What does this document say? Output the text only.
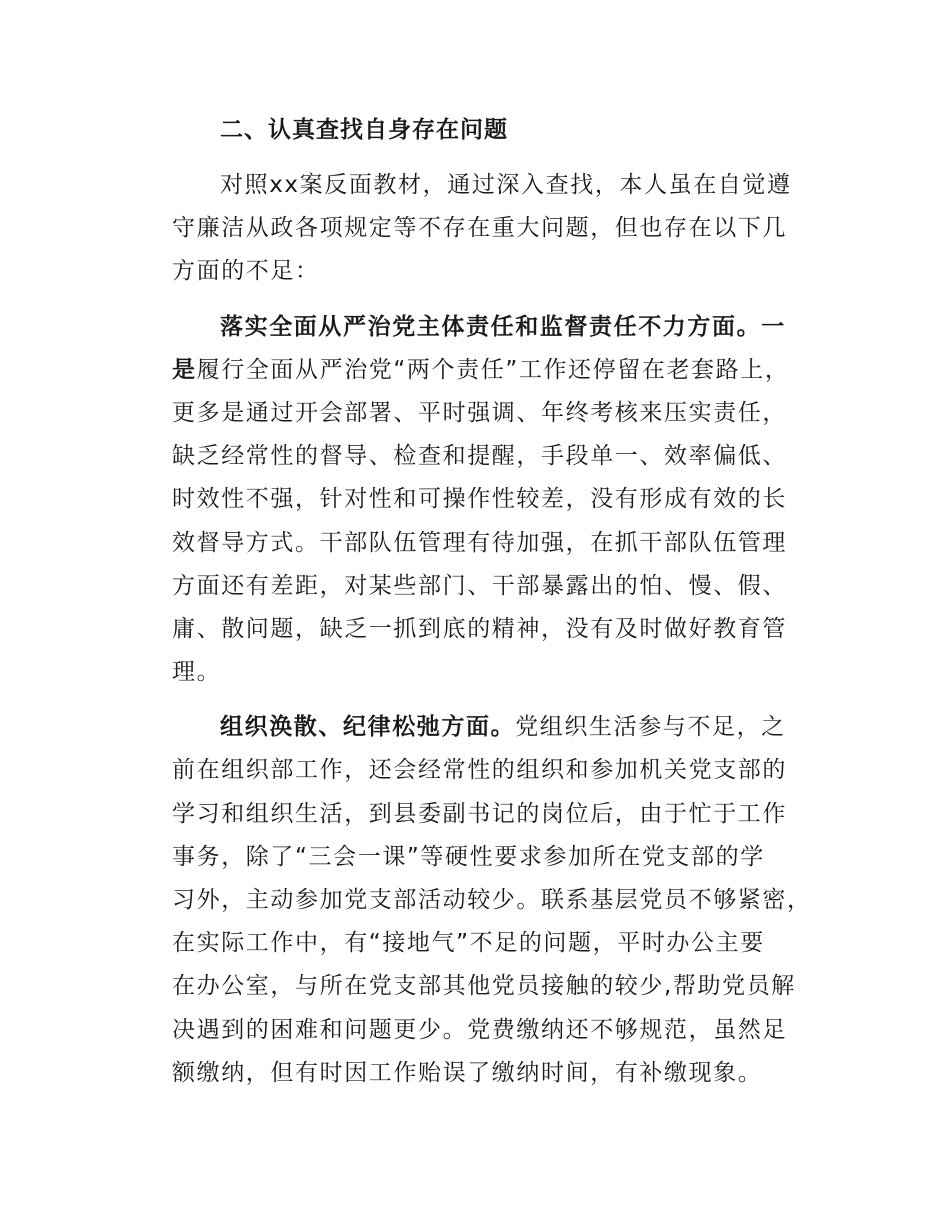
二、认真查找自身存在问题
对照xx案反面教材，通过深入查找，本人虽在自觉遵
守廉洁从政各项规定等不存在重大问题，但也存在以下几
方面的不足：
落实全面从严治党主体责任和监督责任不力方面。一
是履行全面从严治党“两个责任”工作还停留在老套路上，
更多是通过开会部署、平时强调、年终考核来压实责任，
缺乏经常性的督导、检查和提醒，手段单一、效率偏低、
时效性不强，针对性和可操作性较差，没有形成有效的长
效督导方式。干部队伍管理有待加强，在抓干部队伍管理
方面还有差距，对某些部门、干部暴露出的怕、慢、假、
庸、散问题，缺乏一抓到底的精神，没有及时做好教育管
理。
组织涣散、纪律松弛方面。党组织生活参与不足，之
前在组织部工作，还会经常性的组织和参加机关党支部的
学习和组织生活，到县委副书记的岗位后，由于忙于工作
事务，除了“三会一课”等硬性要求参加所在党支部的学
习外，主动参加党支部活动较少。联系基层党员不够紧密，
在实际工作中，有“接地气”不足的问题，平时办公主要
在办公室，与所在党支部其他党员接触的较少,帮助党员解
决遇到的困难和问题更少。党费缴纳还不够规范，虽然足
额缴纳，但有时因工作贻误了缴纳时间，有补缴现象。
